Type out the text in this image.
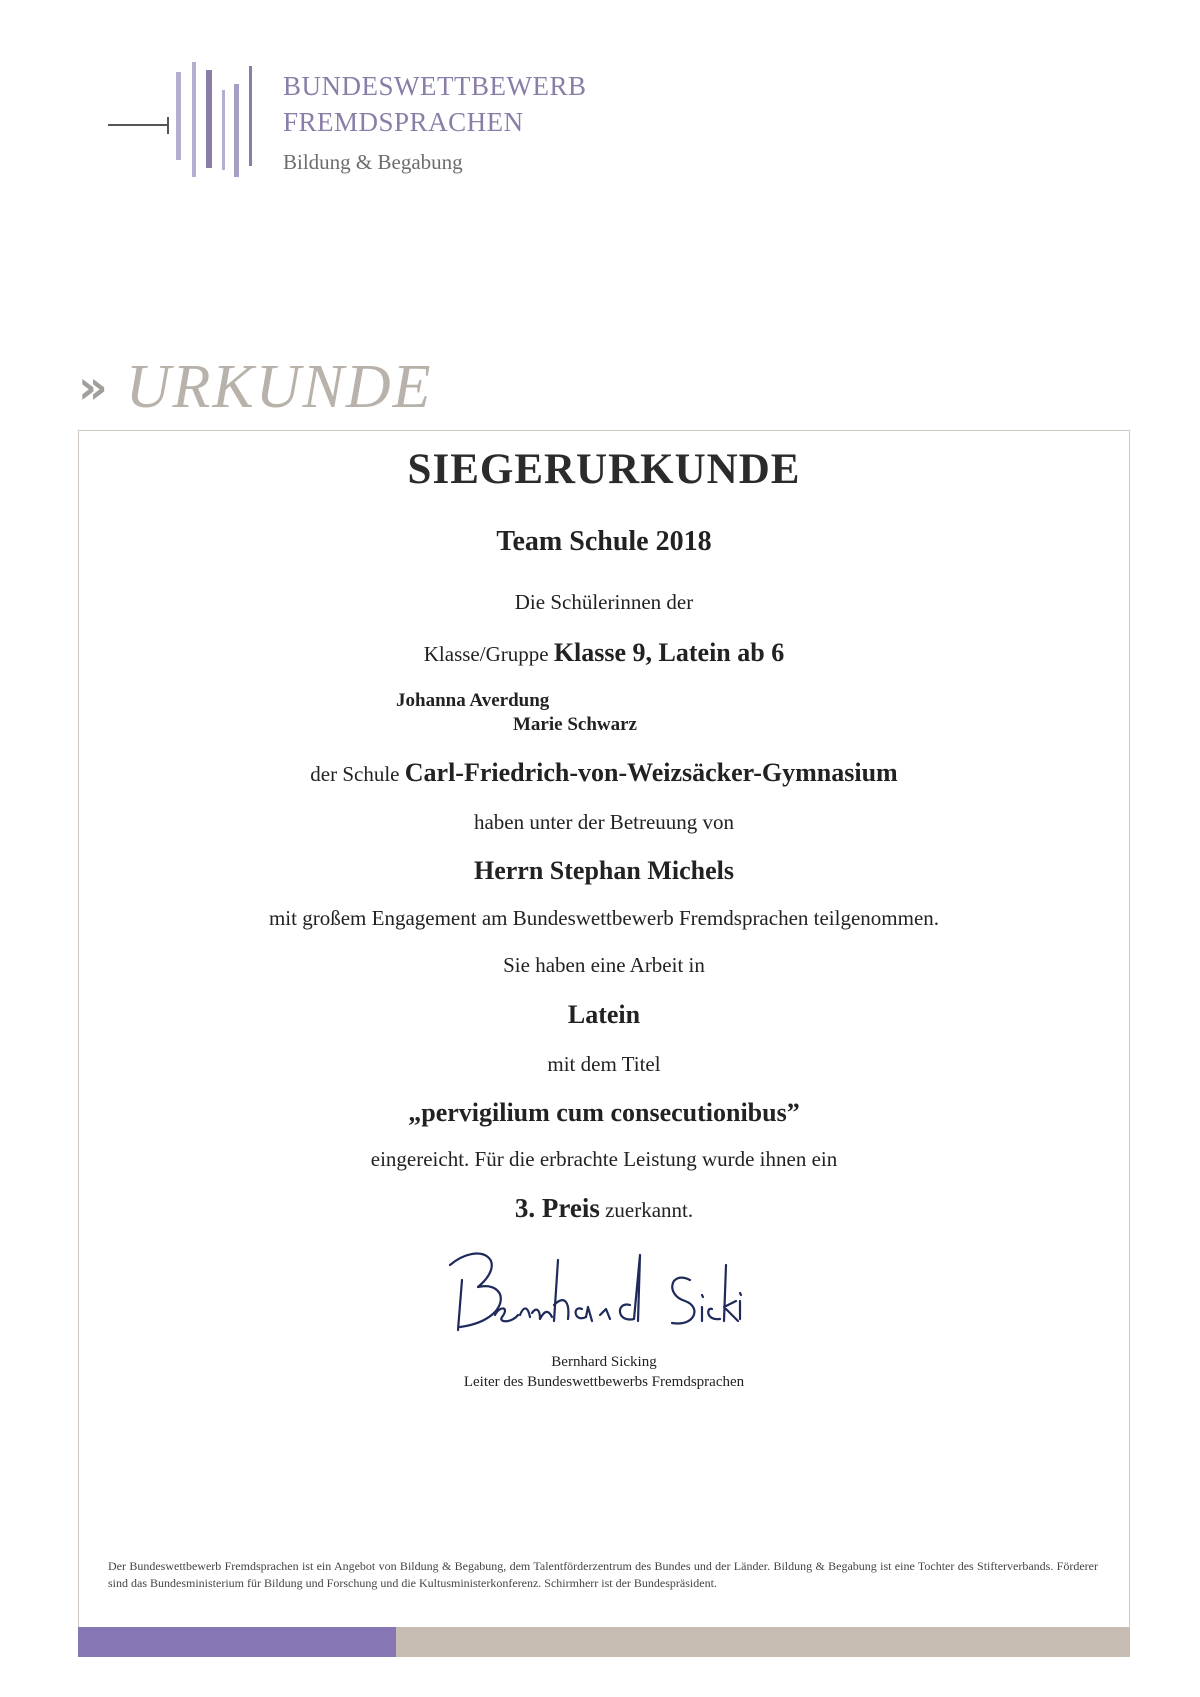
BUNDESWETTBEWERB
FREMDSPRACHEN
Bildung & Begabung
» URKUNDE
SIEGERURKUNDE
Team Schule 2018
Die Schülerinnen der
Klasse/Gruppe Klasse 9, Latein ab 6
Johanna Averdung
Marie Schwarz
der Schule Carl-Friedrich-von-Weizsäcker-Gymnasium
haben unter der Betreuung von
Herrn Stephan Michels
mit großem Engagement am Bundeswettbewerb Fremdsprachen teilgenommen.
Sie haben eine Arbeit in
Latein
mit dem Titel
„pervigilium cum consecutionibus”
eingereicht. Für die erbrachte Leistung wurde ihnen ein
3. Preis zuerkannt.
Bernhard Sicking
Leiter des Bundeswettbewerbs Fremdsprachen
Der Bundeswettbewerb Fremdsprachen ist ein Angebot von Bildung & Begabung, dem Talentförderzentrum des Bundes und der Länder. Bildung & Begabung ist eine Tochter des Stifterverbands. Förderer sind das Bundesministerium für Bildung und Forschung und die Kultusministerkonferenz. Schirmherr ist der Bundespräsident.
